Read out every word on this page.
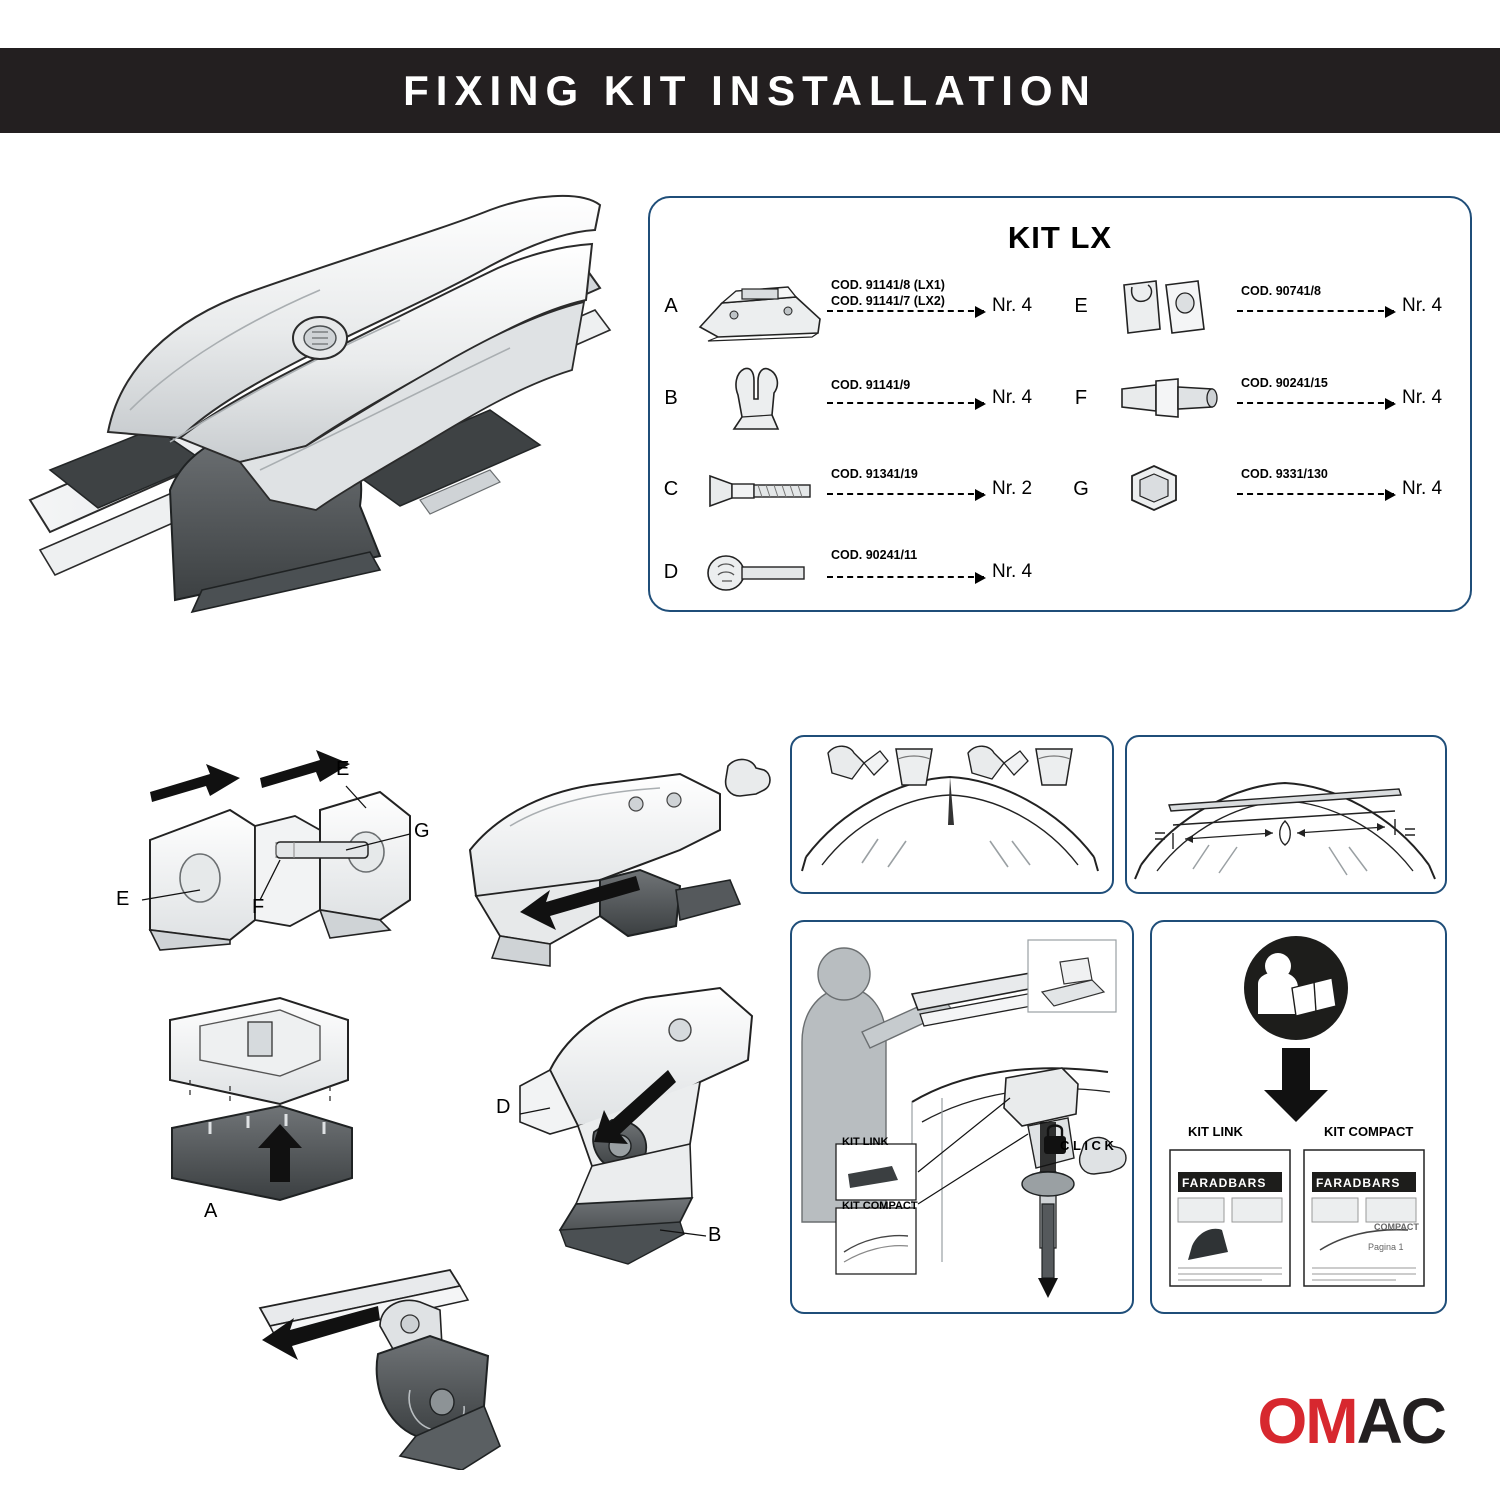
FIXING KIT INSTALLATION
KIT LX
A
COD. 91141/8 (LX1)
COD. 91141/7 (LX2)	Nr. 4
B
COD. 91141/9
Nr. 4
C
COD. 91341/19
Nr. 2
D
COD. 90241/11
Nr. 4
E
COD. 90741/8
Nr. 4
F
COD. 90241/15
Nr. 4
G
COD. 9331/130
Nr. 4
E
E	F
G
A
D
B
KIT LINK
KIT COMPACT
C L I C K
KIT LINK	KIT COMPACT
FARADBARS	FARADBARS
Pagina 1
COMPACT
OM AC
